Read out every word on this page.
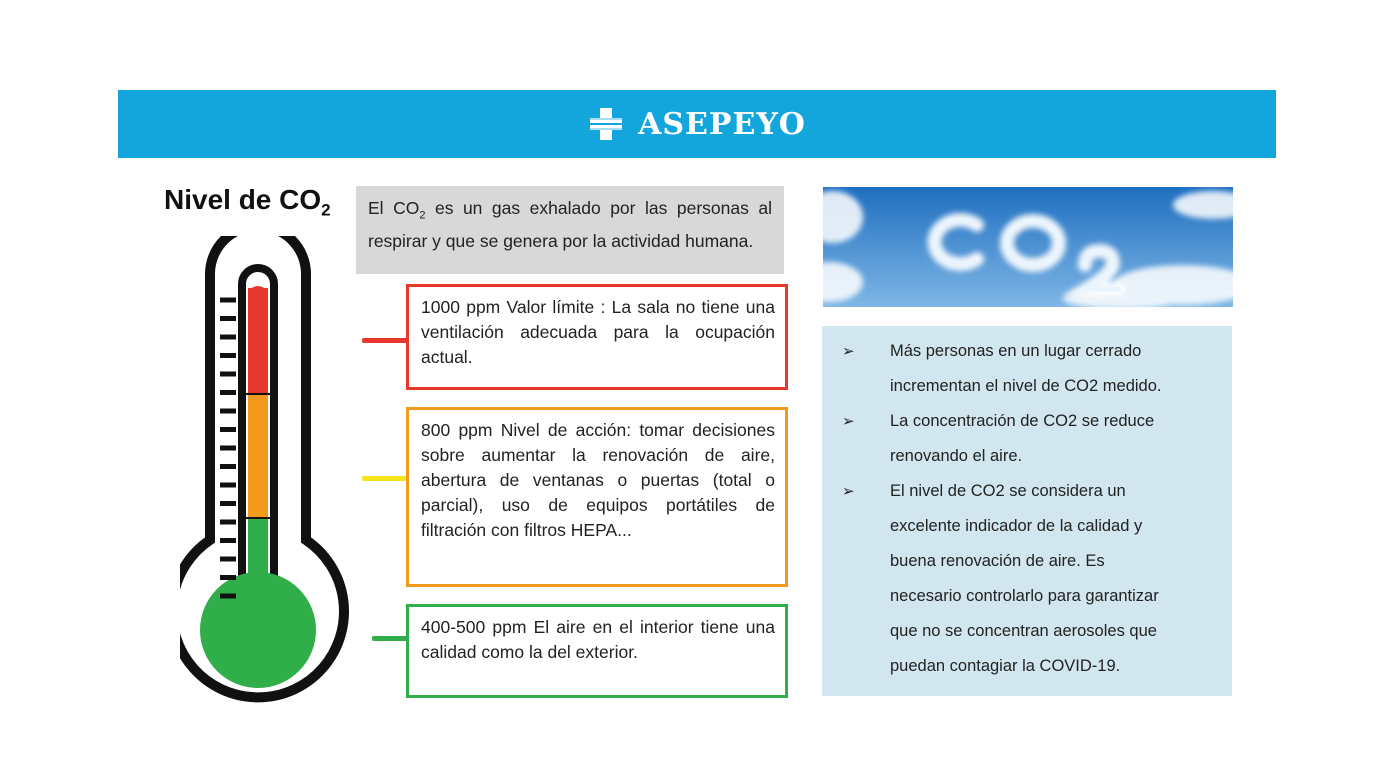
ASEPEYO
Nivel de $CO_2$	El $CO_2$ es un gas exhalado por las personas al respirar y que se genera por la actividad humana.
1000 ppm Valor límite : La sala no tiene una ventilación adecuada para la ocupación actual.
800 ppm Nivel de acción: tomar decisiones sobre aumentar la renovación de aire, abertura de ventanas o puertas (total o parcial), uso de equipos portátiles de filtración con filtros HEPA...
400-500 ppm El aire en el interior tiene una calidad como la del exterior.
➢	Más personas en un lugar cerrado
incrementan el nivel de CO2 medido.
➢	La concentración de CO2 se reduce
renovando el aire.
➢	El nivel de CO2 se considera un
excelente indicador de la calidad y
buena renovación de aire. Es
necesario controlarlo para garantizar
que no se concentran aerosoles que
puedan contagiar la COVID-19.
